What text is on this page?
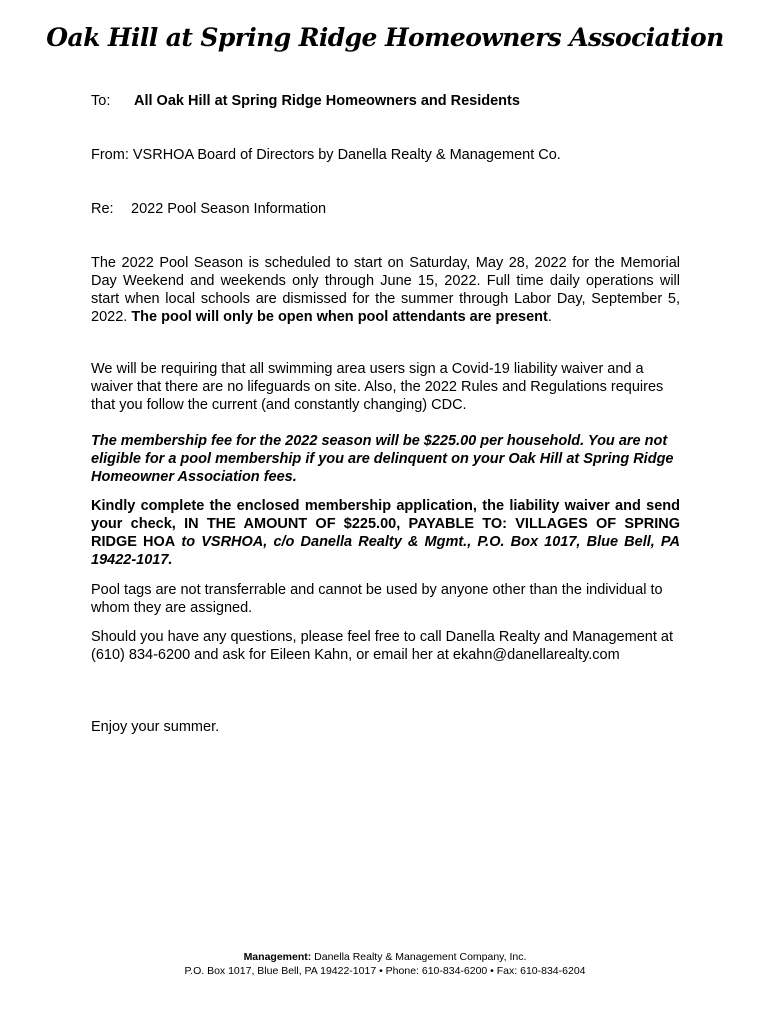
Oak Hill at Spring Ridge Homeowners Association

To: All Oak Hill at Spring Ridge Homeowners and Residents

From: VSRHOA Board of Directors by Danella Realty & Management Co.

Re: 2022 Pool Season Information

The 2022 Pool Season is scheduled to start on Saturday, May 28, 2022 for the Memorial Day Weekend and weekends only through June 15, 2022. Full time daily operations will start when local schools are dismissed for the summer through Labor Day, September 5, 2022. The pool will only be open when pool attendants are present.

We will be requiring that all swimming area users sign a Covid-19 liability waiver and a waiver that there are no lifeguards on site. Also, the 2022 Rules and Regulations requires that you follow the current (and constantly changing) CDC.

The membership fee for the 2022 season will be $225.00 per household. You are not eligible for a pool membership if you are delinquent on your Oak Hill at Spring Ridge Homeowner Association fees.

Kindly complete the enclosed membership application, the liability waiver and send your check, IN THE AMOUNT OF $225.00, PAYABLE TO: VILLAGES OF SPRING RIDGE HOA to VSRHOA, c/o Danella Realty & Mgmt., P.O. Box 1017, Blue Bell, PA 19422-1017.

Pool tags are not transferrable and cannot be used by anyone other than the individual to whom they are assigned.

Should you have any questions, please feel free to call Danella Realty and Management at (610) 834-6200 and ask for Eileen Kahn, or email her at ekahn@danellarealty.com

Enjoy your summer.

Management: Danella Realty & Management Company, Inc.
P.O. Box 1017, Blue Bell, PA 19422-1017 • Phone: 610-834-6200 • Fax: 610-834-6204
